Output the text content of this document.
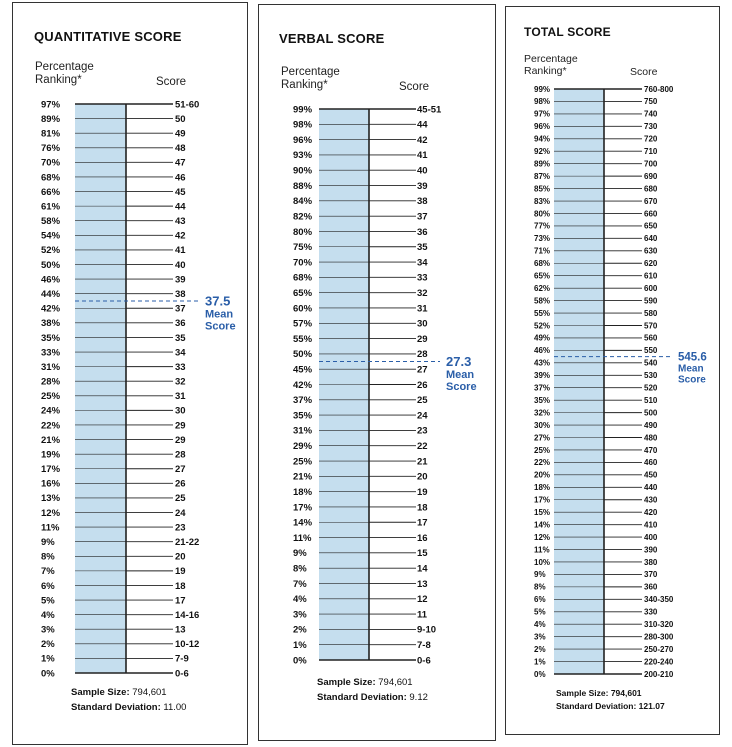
QUANTITATIVE SCORE
Percentage Ranking*	Score
97%	51-60
89%	50
81%	49
76%	48
70%	47
68%	46
66%	45
61%	44
58%	43
54%	42
52%	41
50%	40
46%	39
44%	38
42%	37
38%	36
35%	35
33%	34
31%	33
28%	32
25%	31
24%	30
22%	29
21%	29
19%	28
17%	27
16%	26
13%	25
12%	24
11%	23
9%	21-22
8%	20
7%	19
6%	18
5%	17
4%	14-16
3%	13
2%	10-12
1%	7-9
0%	0-6
37.5
Mean
Score
Sample Size: 794,601
Standard Deviation: 11.00
VERBAL SCORE
Percentage Ranking*	Score
99%	45-51
98%	44
96%	42
93%	41
90%	40
88%	39
84%	38
82%	37
80%	36
75%	35
70%	34
68%	33
65%	32
60%	31
57%	30
55%	29
50%	28
45%	27
42%	26
37%	25
35%	24
31%	23
29%	22
25%	21
21%	20
18%	19
17%	18
14%	17
11%	16
9%	15
8%	14
7%	13
4%	12
3%	11
2%	9-10
1%	7-8
0%	0-6
27.3
Mean
Score
Sample Size: 794,601
Standard Deviation: 9.12
TOTAL SCORE
Percentage Ranking*	Score
99%	760-800
98%	750
97%	740
96%	730
94%	720
92%	710
89%	700
87%	690
85%	680
83%	670
80%	660
77%	650
73%	640
71%	630
68%	620
65%	610
62%	600
58%	590
55%	580
52%	570
49%	560
46%	550
43%	540
39%	530
37%	520
35%	510
32%	500
30%	490
27%	480
25%	470
22%	460
20%	450
18%	440
17%	430
15%	420
14%	410
12%	400
11%	390
10%	380
9%	370
8%	360
6%	340-350
5%	330
4%	310-320
3%	280-300
2%	250-270
1%	220-240
0%	200-210
545.6
Mean
Score
Sample Size: 794,601
Standard Deviation: 121.07
